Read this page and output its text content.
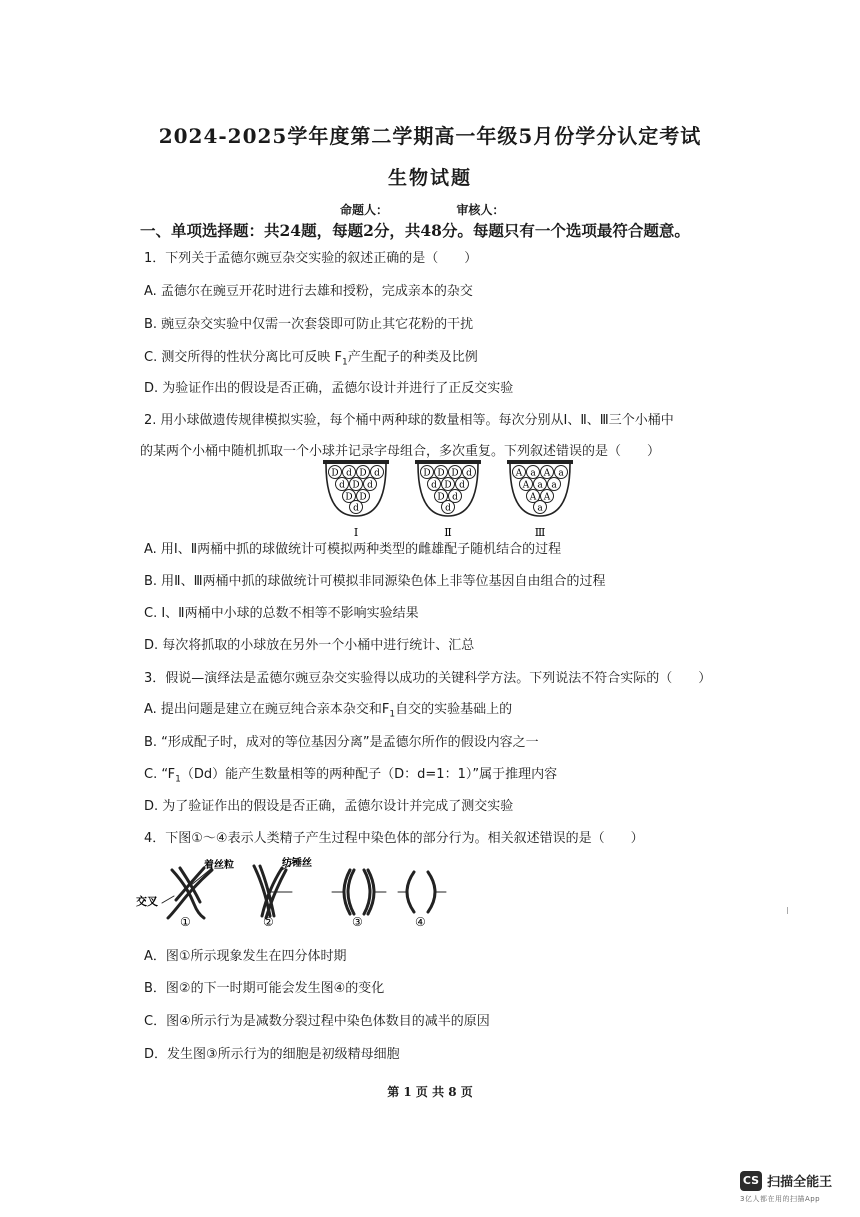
2024-2025学年度第二学期高一年级5月份学分认定考试
生物试题
命题人：	审核人：
一、单项选择题：共24题，每题2分，共48分。每题只有一个选项最符合题意。
1．下列关于孟德尔豌豆杂交实验的叙述正确的是（　　）
A. 孟德尔在豌豆开花时进行去雄和授粉，完成亲本的杂交
B. 豌豆杂交实验中仅需一次套袋即可防止其它花粉的干扰
C. 测交所得的性状分离比可反映 $F_1$产生配子的种类及比例
D. 为验证作出的假设是否正确，孟德尔设计并进行了正反交实验
2. 用小球做遗传规律模拟实验，每个桶中两种球的数量相等。每次分别从Ⅰ、Ⅱ、Ⅲ三个小桶中
的某两个小桶中随机抓取一个小球并记录字母组合，多次重复。下列叙述错误的是（　　）
D d D d
d D d
D D
d
Ⅰ
D D D d
d D d
D d
d
Ⅱ
A a A a
A a a
A A
a
Ⅲ
A. 用Ⅰ、Ⅱ两桶中抓的球做统计可模拟两种类型的雌雄配子随机结合的过程
B. 用Ⅱ、Ⅲ两桶中抓的球做统计可模拟非同源染色体上非等位基因自由组合的过程
C. Ⅰ、Ⅱ两桶中小球的总数不相等不影响实验结果
D. 每次将抓取的小球放在另外一个小桶中进行统计、汇总
3．假说—演绎法是孟德尔豌豆杂交实验得以成功的关键科学方法。下列说法不符合实际的（　　）
A. 提出问题是建立在豌豆纯合亲本杂交和$F_1$自交的实验基础上的
B. “形成配子时，成对的等位基因分离”是孟德尔所作的假设内容之一
C. “$F_1(Dd)$能产生数量相等的两种配子（D：d=1：1）”属于推理内容
D. 为了验证作出的假设是否正确，孟德尔设计并完成了测交实验
4．下图①～④表示人类精子产生过程中染色体的部分行为。相关叙述错误的是（　　）
着丝粒	纺锤丝
交叉
①	②	③	④
A．图①所示现象发生在四分体时期
B．图②的下一时期可能会发生图④的变化
C．图④所示行为是减数分裂过程中染色体数目的减半的原因
D．发生图③所示行为的细胞是初级精母细胞
第 1 页 共 8 页
CS 扫描全能王
3亿人都在用的扫描App
